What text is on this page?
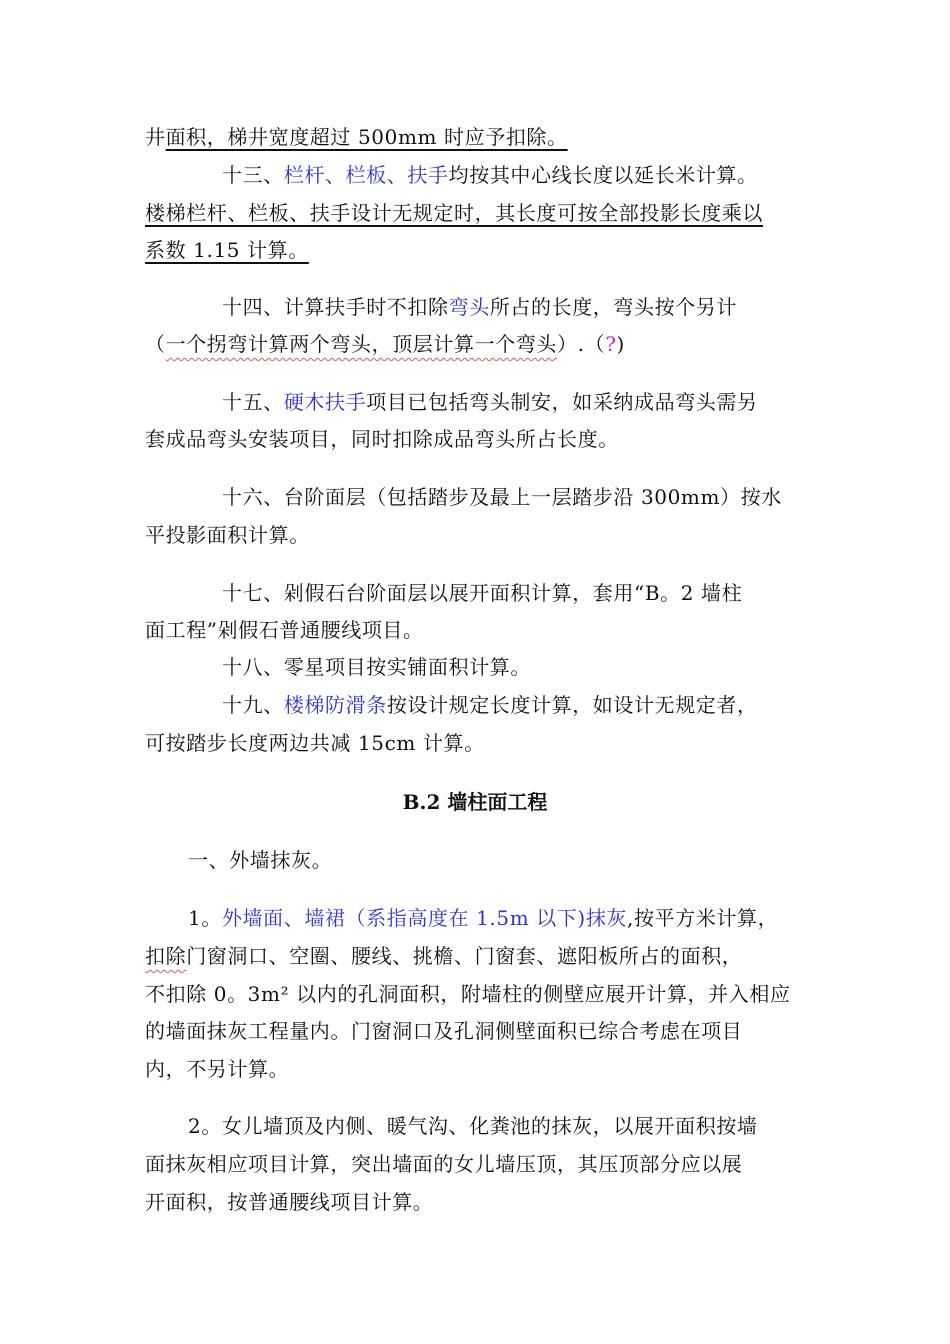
井面积，梯井宽度超过 500mm 时应予扣除。
十三、栏杆、栏板、扶手均按其中心线长度以延长米计算。
楼梯栏杆、栏板、扶手设计无规定时，其长度可按全部投影长度乘以
系数 1.15 计算。
十四、计算扶手时不扣除弯头所占的长度，弯头按个另计
（一个拐弯计算两个弯头，顶层计算一个弯头）.（?)
十五、硬木扶手项目已包括弯头制安，如采纳成品弯头需另
套成品弯头安装项目，同时扣除成品弯头所占长度。
十六、台阶面层（包括踏步及最上一层踏步沿 300mm）按水
平投影面积计算。
十七、剁假石台阶面层以展开面积计算，套用“B。2 墙柱
面工程”剁假石普通腰线项目。
十八、零星项目按实铺面积计算。
十九、楼梯防滑条按设计规定长度计算，如设计无规定者，
可按踏步长度两边共减 15cm 计算。
B.2 墙柱面工程
一、外墙抹灰。
1。外墙面、墙裙（系指高度在 1.5m 以下)抹灰,按平方米计算，
扣除门窗洞口、空圈、腰线、挑檐、门窗套、遮阳板所占的面积，
不扣除 0。3m² 以内的孔洞面积，附墙柱的侧壁应展开计算，并入相应
的墙面抹灰工程量内。门窗洞口及孔洞侧壁面积已综合考虑在项目
内，不另计算。
2。女儿墙顶及内侧、暖气沟、化粪池的抹灰，以展开面积按墙
面抹灰相应项目计算，突出墙面的女儿墙压顶，其压顶部分应以展
开面积，按普通腰线项目计算。
